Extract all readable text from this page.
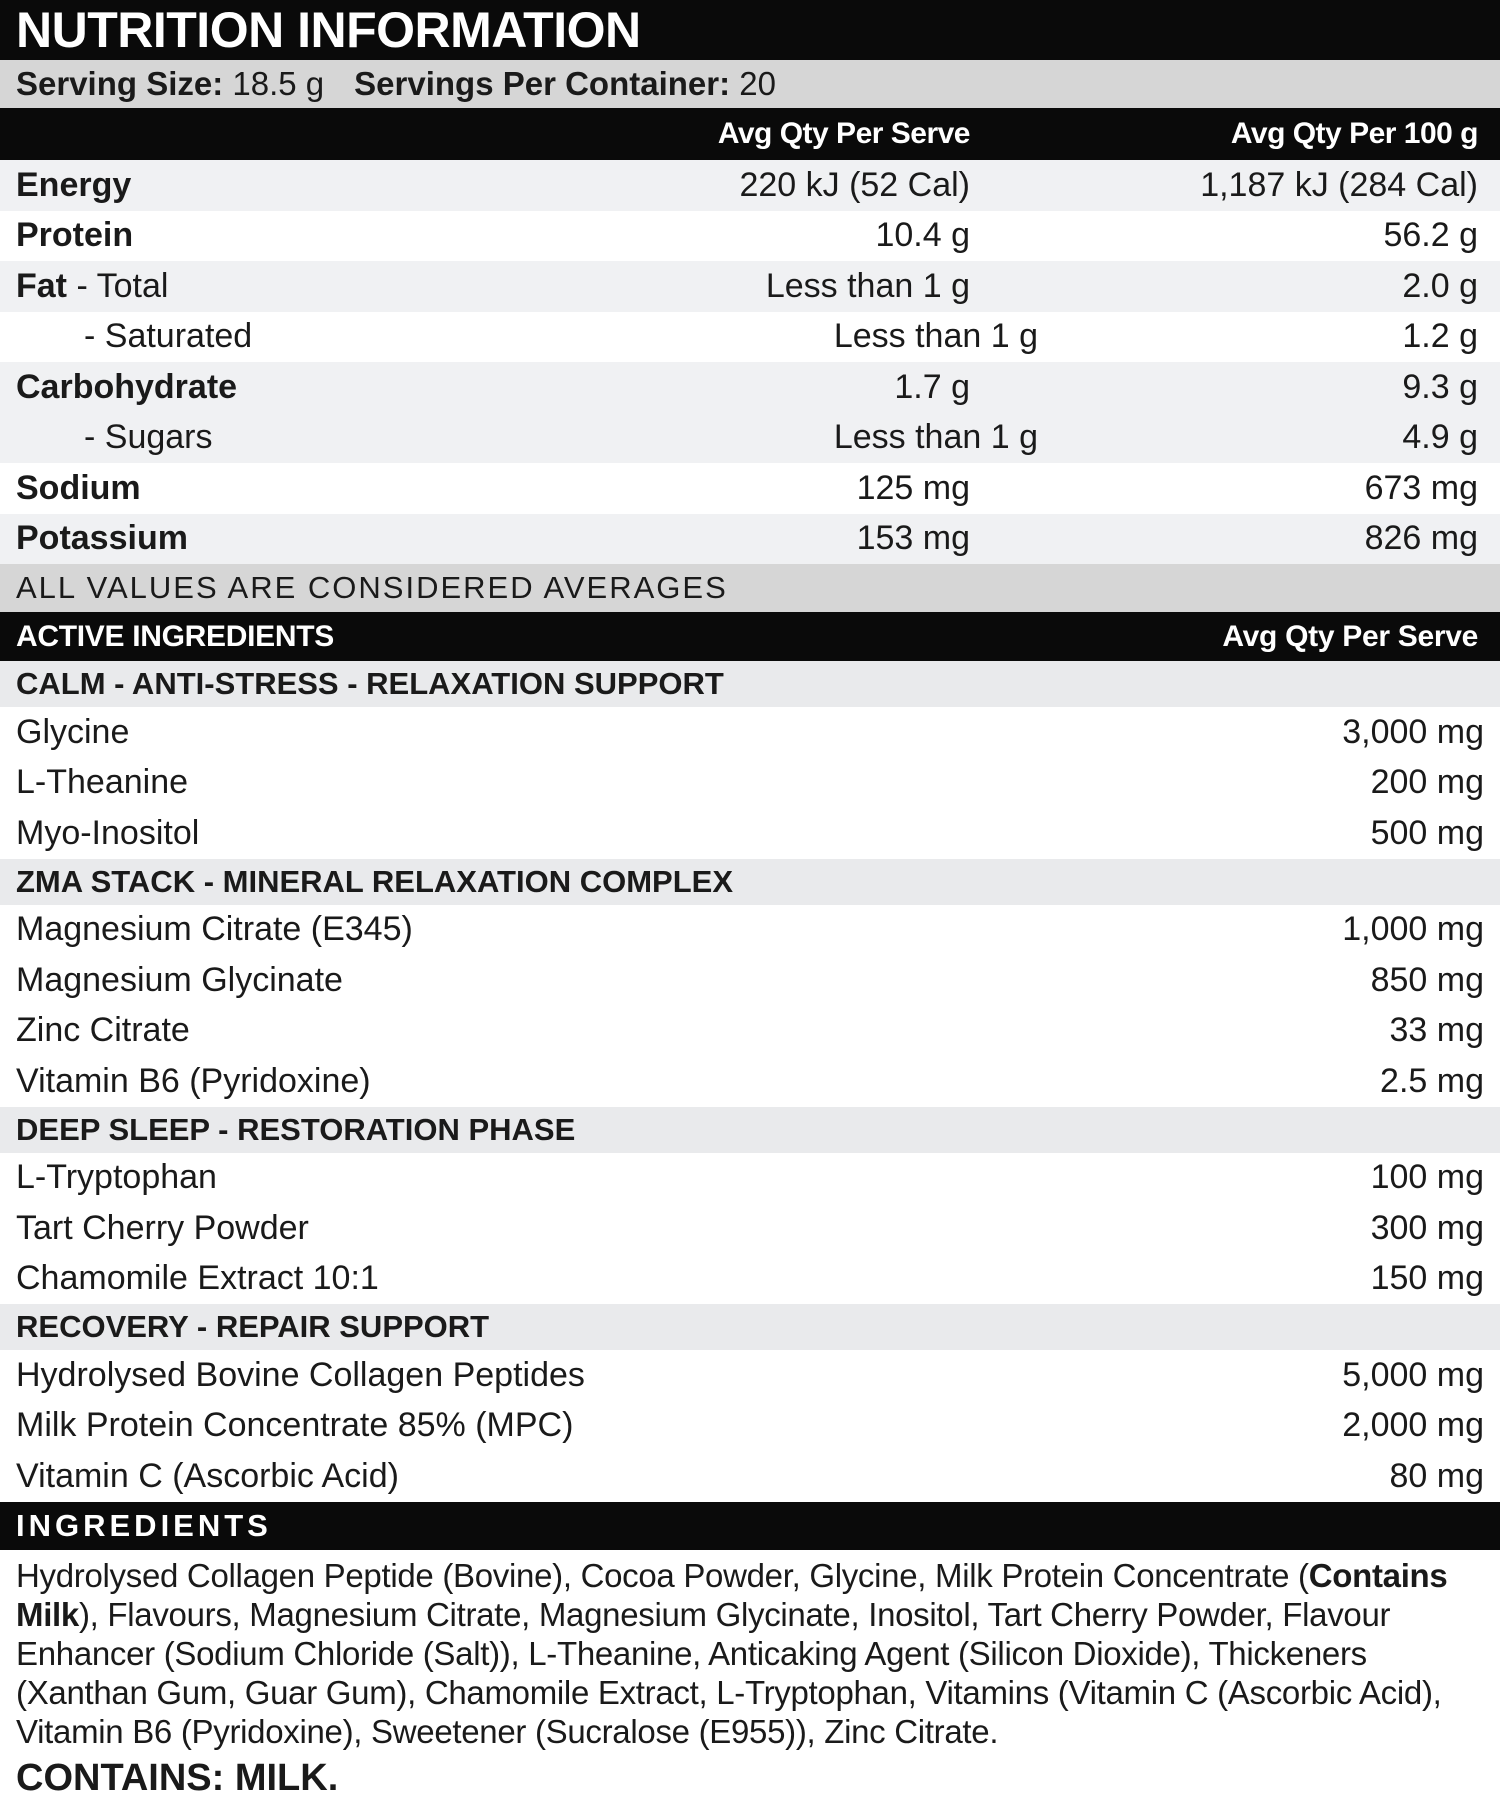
NUTRITION INFORMATION
Serving Size:
18.5 g Servings Per Container:
20
Avg Qty Per Serve	Avg Qty Per 100 g
Energy	220 kJ (52 Cal)	1,187 kJ (284 Cal)
Protein	10.4 g	56.2 g
Fat - Total	Less than 1 g	2.0 g
- Saturated	Less than 1 g	1.2 g
Carbohydrate	1.7 g	9.3 g
- Sugars	Less than 1 g	4.9 g
Sodium	125 mg	673 mg
Potassium	153 mg	826 mg
ALL VALUES ARE CONSIDERED AVERAGES
ACTIVE INGREDIENTS	Avg Qty Per Serve
CALM - ANTI-STRESS - RELAXATION SUPPORT
Glycine	3,000 mg
L-Theanine	200 mg
Myo-Inositol	500 mg
ZMA STACK - MINERAL RELAXATION COMPLEX
Magnesium Citrate (E345)	1,000 mg
Magnesium Glycinate	850 mg
Zinc Citrate	33 mg
Vitamin B6 (Pyridoxine)	2.5 mg
DEEP SLEEP - RESTORATION PHASE
L-Tryptophan	100 mg
Tart Cherry Powder	300 mg
Chamomile Extract 10:1	150 mg
RECOVERY - REPAIR SUPPORT
Hydrolysed Bovine Collagen Peptides	5,000 mg
Milk Protein Concentrate 85% (MPC)	2,000 mg
Vitamin C (Ascorbic Acid)	80 mg
INGREDIENTS
Hydrolysed Collagen Peptide (Bovine), Cocoa Powder, Glycine, Milk Protein Concentrate (Contains Milk), Flavours, Magnesium Citrate, Magnesium Glycinate, Inositol, Tart Cherry Powder, Flavour Enhancer (Sodium Chloride (Salt)), L-Theanine, Anticaking Agent (Silicon Dioxide), Thickeners (Xanthan Gum, Guar Gum), Chamomile Extract, L-Tryptophan, Vitamins (Vitamin C (Ascorbic Acid), Vitamin B6 (Pyridoxine), Sweetener (Sucralose (E955)), Zinc Citrate.
CONTAINS: MILK.
